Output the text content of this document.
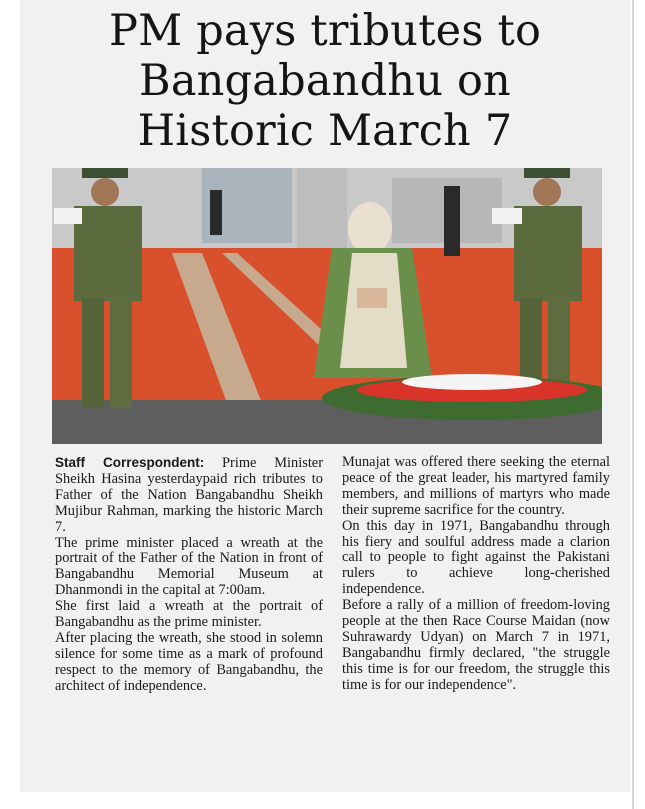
PM pays tributes to
Bangabandhu on
Historic March 7

Staff Correspondent: Prime Minister Sheikh Hasina yesterdaypaid rich tributes to Father of the Nation Bangabandhu Sheikh Mujibur Rahman, marking the historic March 7.

The prime minister placed a wreath at the portrait of the Father of the Nation in front of Bangabandhu Memorial Museum at Dhanmondi in the capital at 7:00am.

She first laid a wreath at the portrait of Bangabandhu as the prime minister.

After placing the wreath, she stood in solemn silence for some time as a mark of profound respect to the memory of Bangabandhu, the architect of independence.

Munajat was offered there seeking the eternal peace of the great leader, his martyred family members, and millions of martyrs who made their supreme sacrifice for the country.

On this day in 1971, Bangabandhu through his fiery and soulful address made a clarion call to people to fight against the Pakistani rulers to achieve long-cherished independence.

Before a rally of a million of freedom-loving people at the then Race Course Maidan (now Suhrawardy Udyan) on March 7 in 1971, Bangabandhu firmly declared, "the struggle this time is for our freedom, the struggle this time is for our independence".
